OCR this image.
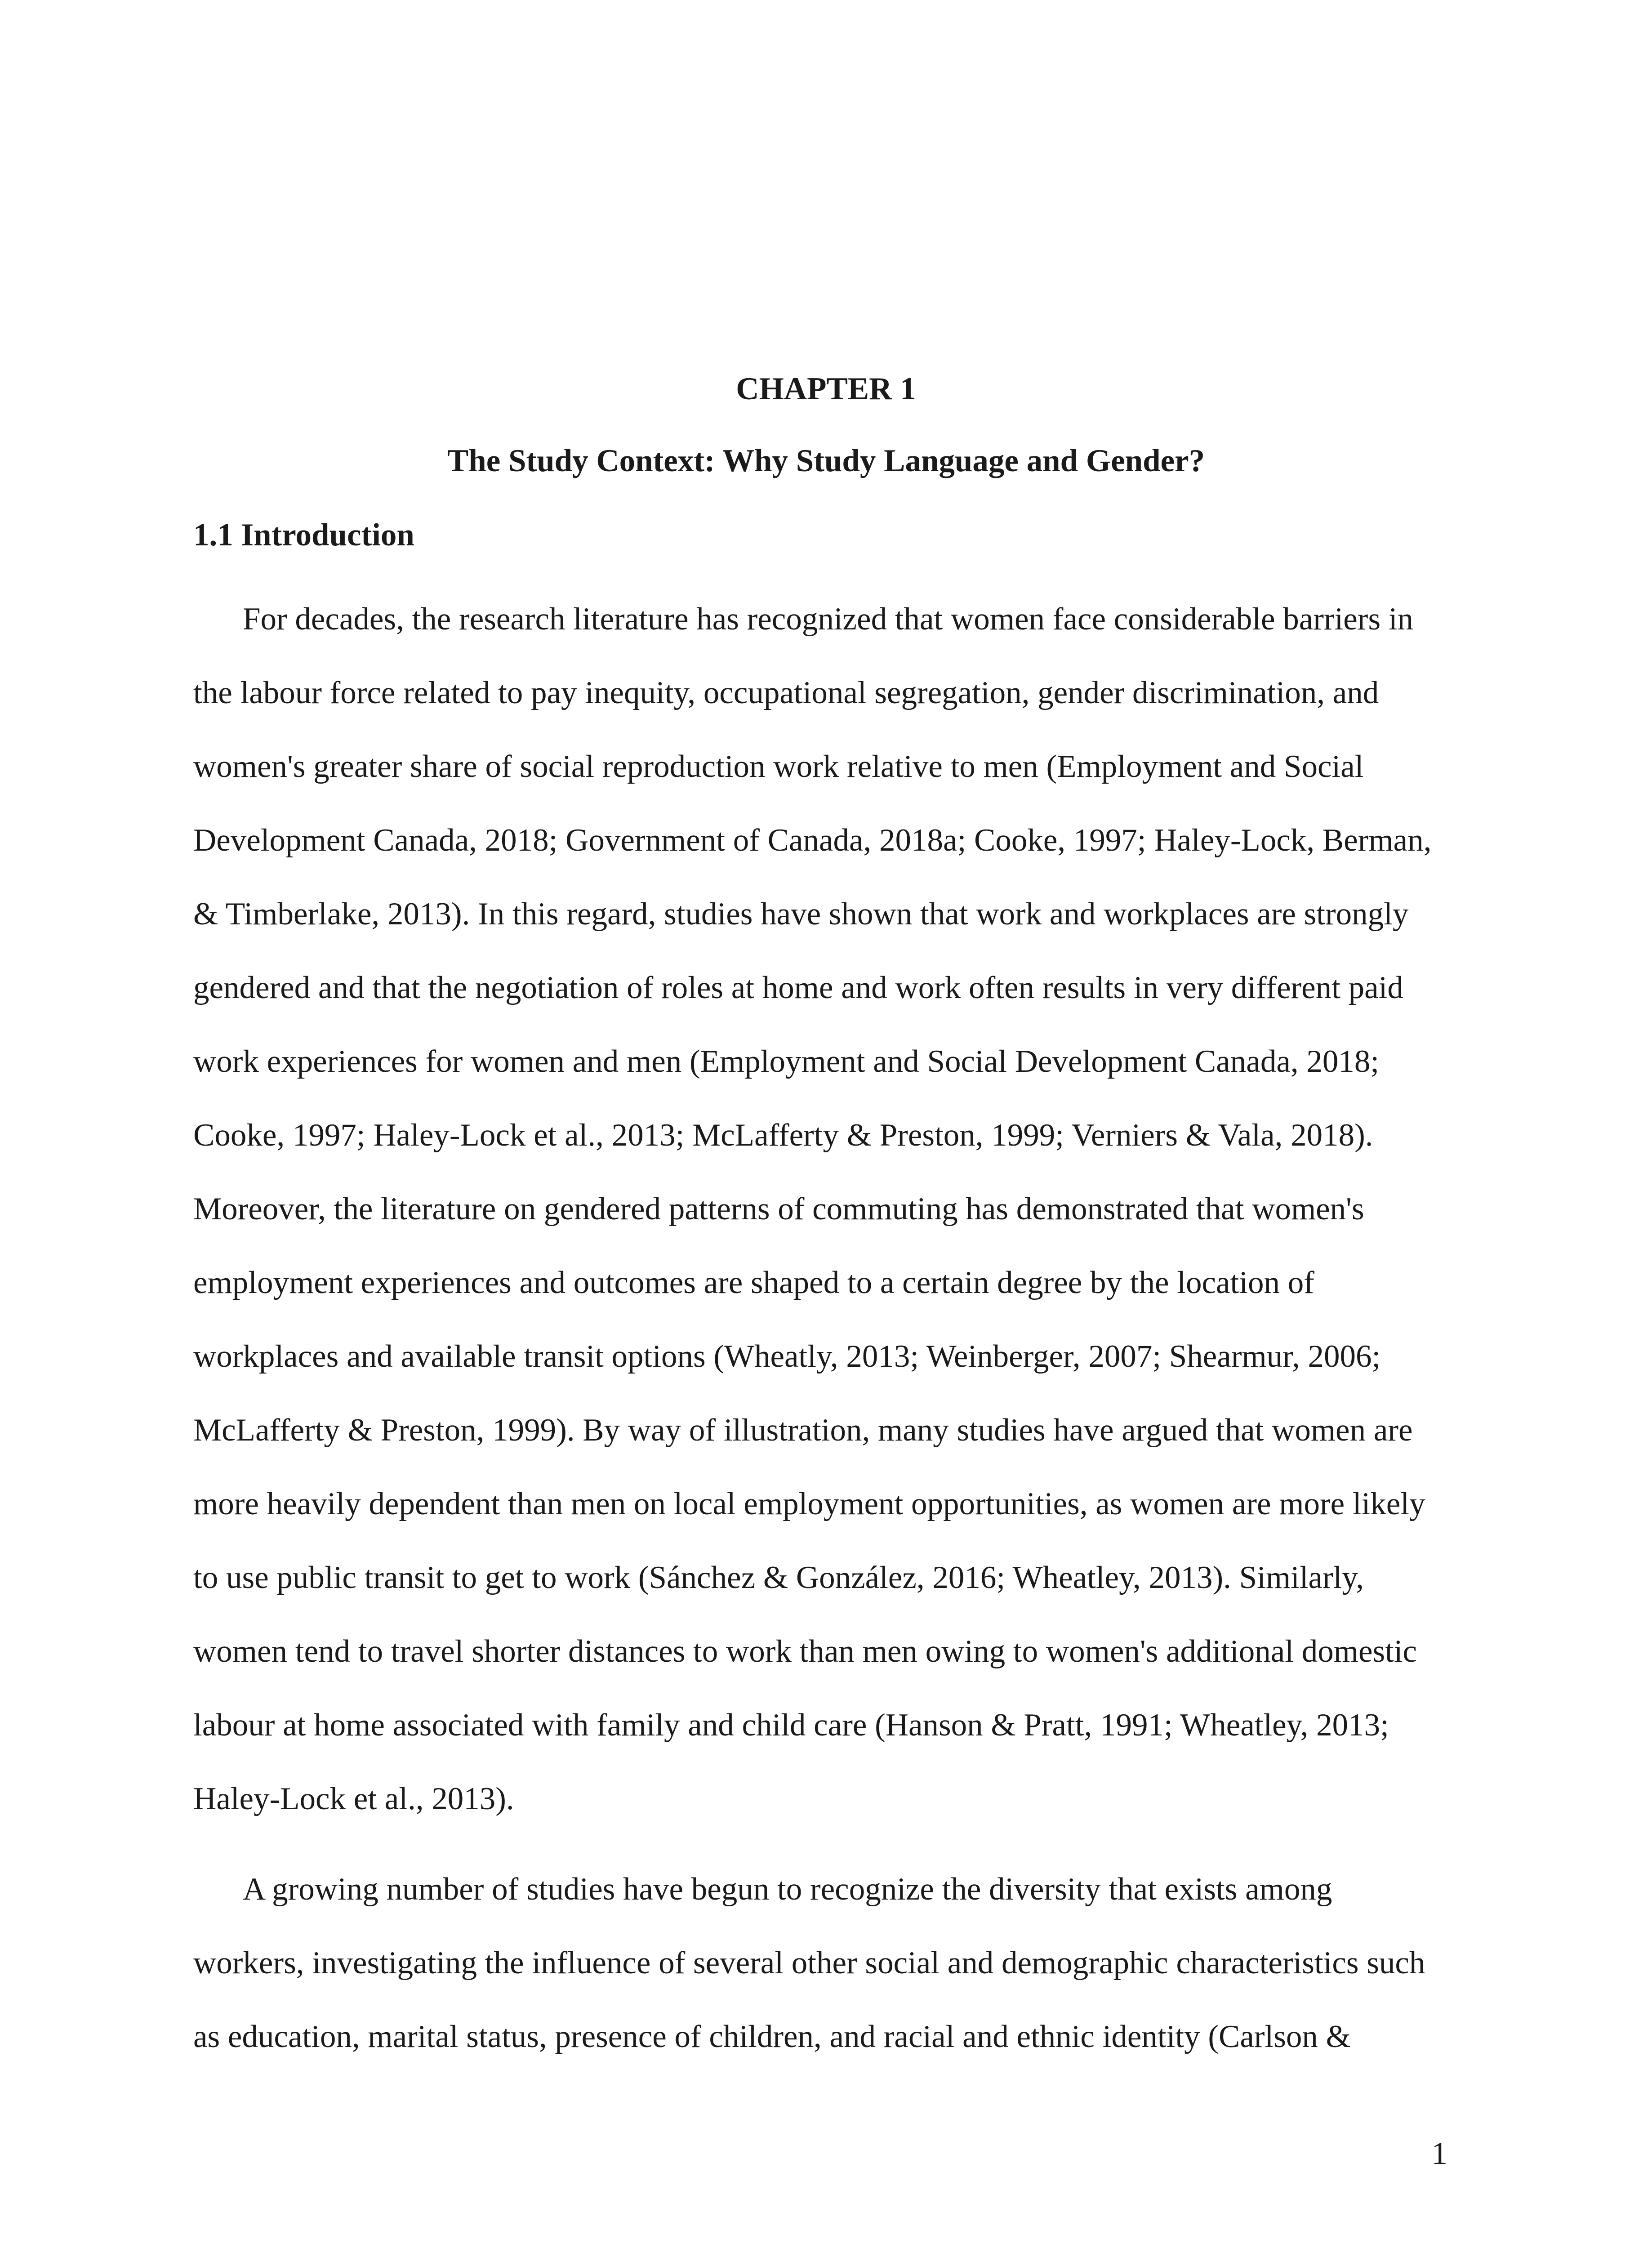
CHAPTER 1
The Study Context: Why Study Language and Gender?
1.1 Introduction
For decades, the research literature has recognized that women face considerable barriers in
the labour force related to pay inequity, occupational segregation, gender discrimination, and
women's greater share of social reproduction work relative to men (Employment and Social
Development Canada, 2018; Government of Canada, 2018a; Cooke, 1997; Haley-Lock, Berman,
& Timberlake, 2013). In this regard, studies have shown that work and workplaces are strongly
gendered and that the negotiation of roles at home and work often results in very different paid
work experiences for women and men (Employment and Social Development Canada, 2018;
Cooke, 1997; Haley-Lock et al., 2013; McLafferty & Preston, 1999; Verniers & Vala, 2018).
Moreover, the literature on gendered patterns of commuting has demonstrated that women's
employment experiences and outcomes are shaped to a certain degree by the location of
workplaces and available transit options (Wheatly, 2013; Weinberger, 2007; Shearmur, 2006;
McLafferty & Preston, 1999). By way of illustration, many studies have argued that women are
more heavily dependent than men on local employment opportunities, as women are more likely
to use public transit to get to work (Sánchez & González, 2016; Wheatley, 2013). Similarly,
women tend to travel shorter distances to work than men owing to women's additional domestic
labour at home associated with family and child care (Hanson & Pratt, 1991; Wheatley, 2013;
Haley-Lock et al., 2013).
A growing number of studies have begun to recognize the diversity that exists among
workers, investigating the influence of several other social and demographic characteristics such
as education, marital status, presence of children, and racial and ethnic identity (Carlson &
1
